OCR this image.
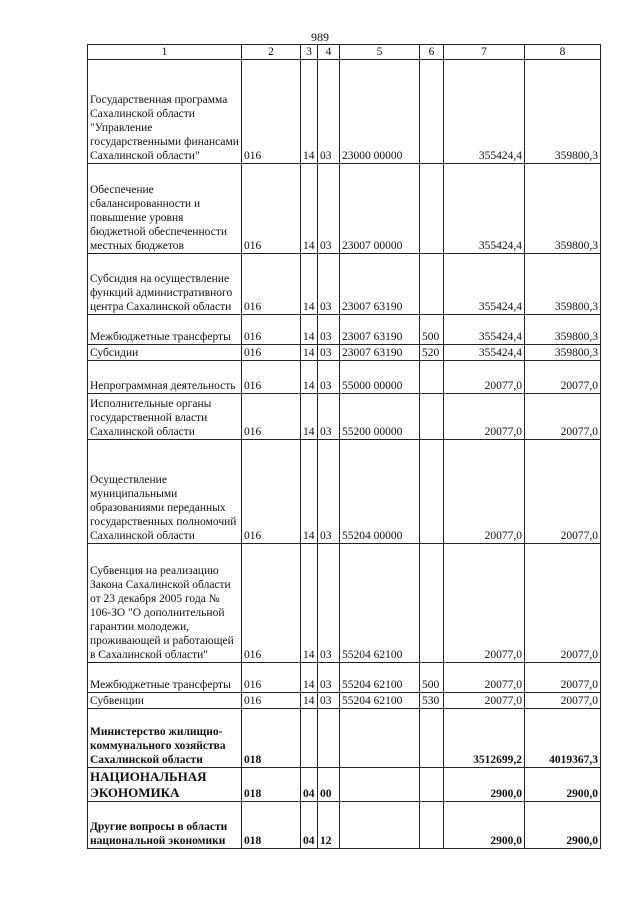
989
1	2	3	4	5	6	7	8
Государственная программа Сахалинской области "Управление государственными финансами Сахалинской области"	016	14	03	23000 00000		355424,4	359800,3
Обеспечение сбалансированности и повышение уровня бюджетной обеспеченности местных бюджетов	016	14	03	23007 00000		355424,4	359800,3
Субсидия на осуществление функций административного центра Сахалинской области	016	14	03	23007 63190		355424,4	359800,3
Межбюджетные трансферты	016	14	03	23007 63190	500	355424,4	359800,3
Субсидии	016	14	03	23007 63190	520	355424,4	359800,3
Непрограммная деятельность	016	14	03	55000 00000		20077,0	20077,0
Исполнительные органы государственной власти Сахалинской области	016	14	03	55200 00000		20077,0	20077,0
Осуществление муниципальными образованиями переданных государственных полномочий Сахалинской области	016	14	03	55204 00000		20077,0	20077,0
Субвенция на реализацию Закона Сахалинской области от 23 декабря 2005 года № 106-ЗО "О дополнительной гарантии молодежи, проживающей и работающей в Сахалинской области"	016	14	03	55204 62100		20077,0	20077,0
Межбюджетные трансферты	016	14	03	55204 62100	500	20077,0	20077,0
Субвенции	016	14	03	55204 62100	530	20077,0	20077,0
Министерство жилищно-коммунального хозяйства Сахалинской области	018					3512699,2	4019367,3
НАЦИОНАЛЬНАЯ ЭКОНОМИКА	018	04	00			2900,0	2900,0
Другие вопросы в области национальной экономики	018	04	12			2900,0	2900,0
